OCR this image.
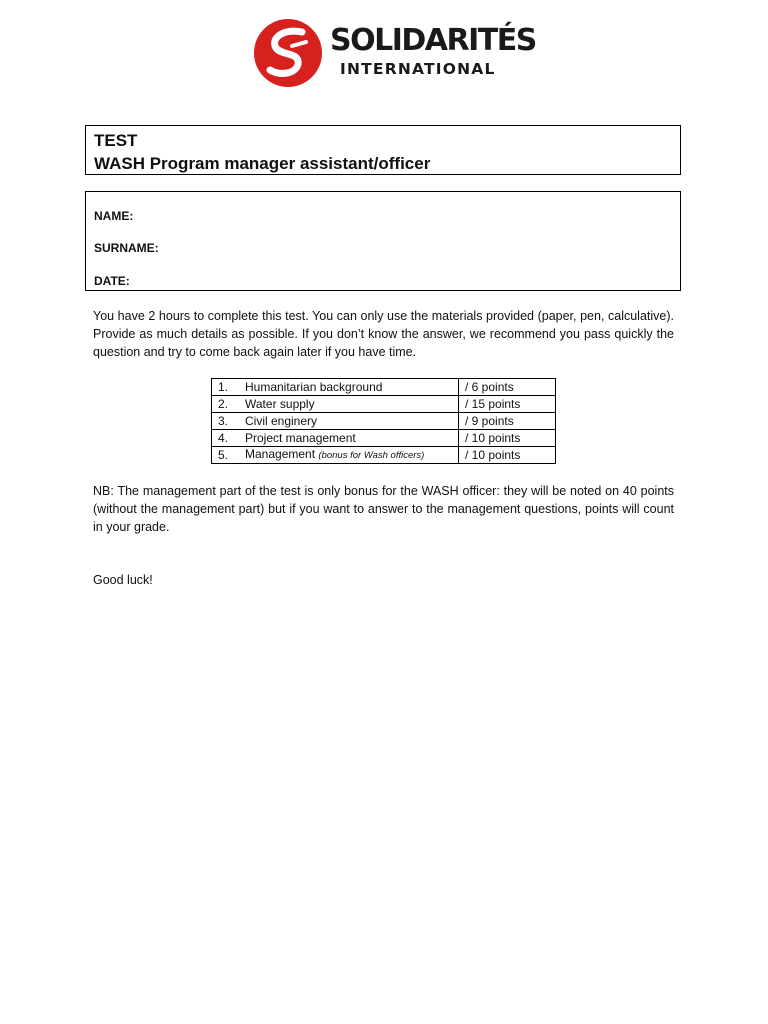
SOLIDARITÉS
INTERNATIONAL
TEST
WASH Program manager assistant/officer
NAME:
SURNAME:
DATE:
You have 2 hours to complete this test. You can only use the materials provided (paper, pen, calculative). Provide as much details as possible. If you don’t know the answer, we recommend you pass quickly the question and try to come back again later if you have time.
1.	Humanitarian background	/ 6 points
2.	Water supply	/ 15 points
3.	Civil enginery	/ 9 points
4.	Project management	/ 10 points
5.	Management (bonus for Wash officers)	/ 10 points
NB: The management part of the test is only bonus for the WASH officer: they will be noted on 40 points (without the management part) but if you want to answer to the management questions, points will count in your grade.
Good luck!
